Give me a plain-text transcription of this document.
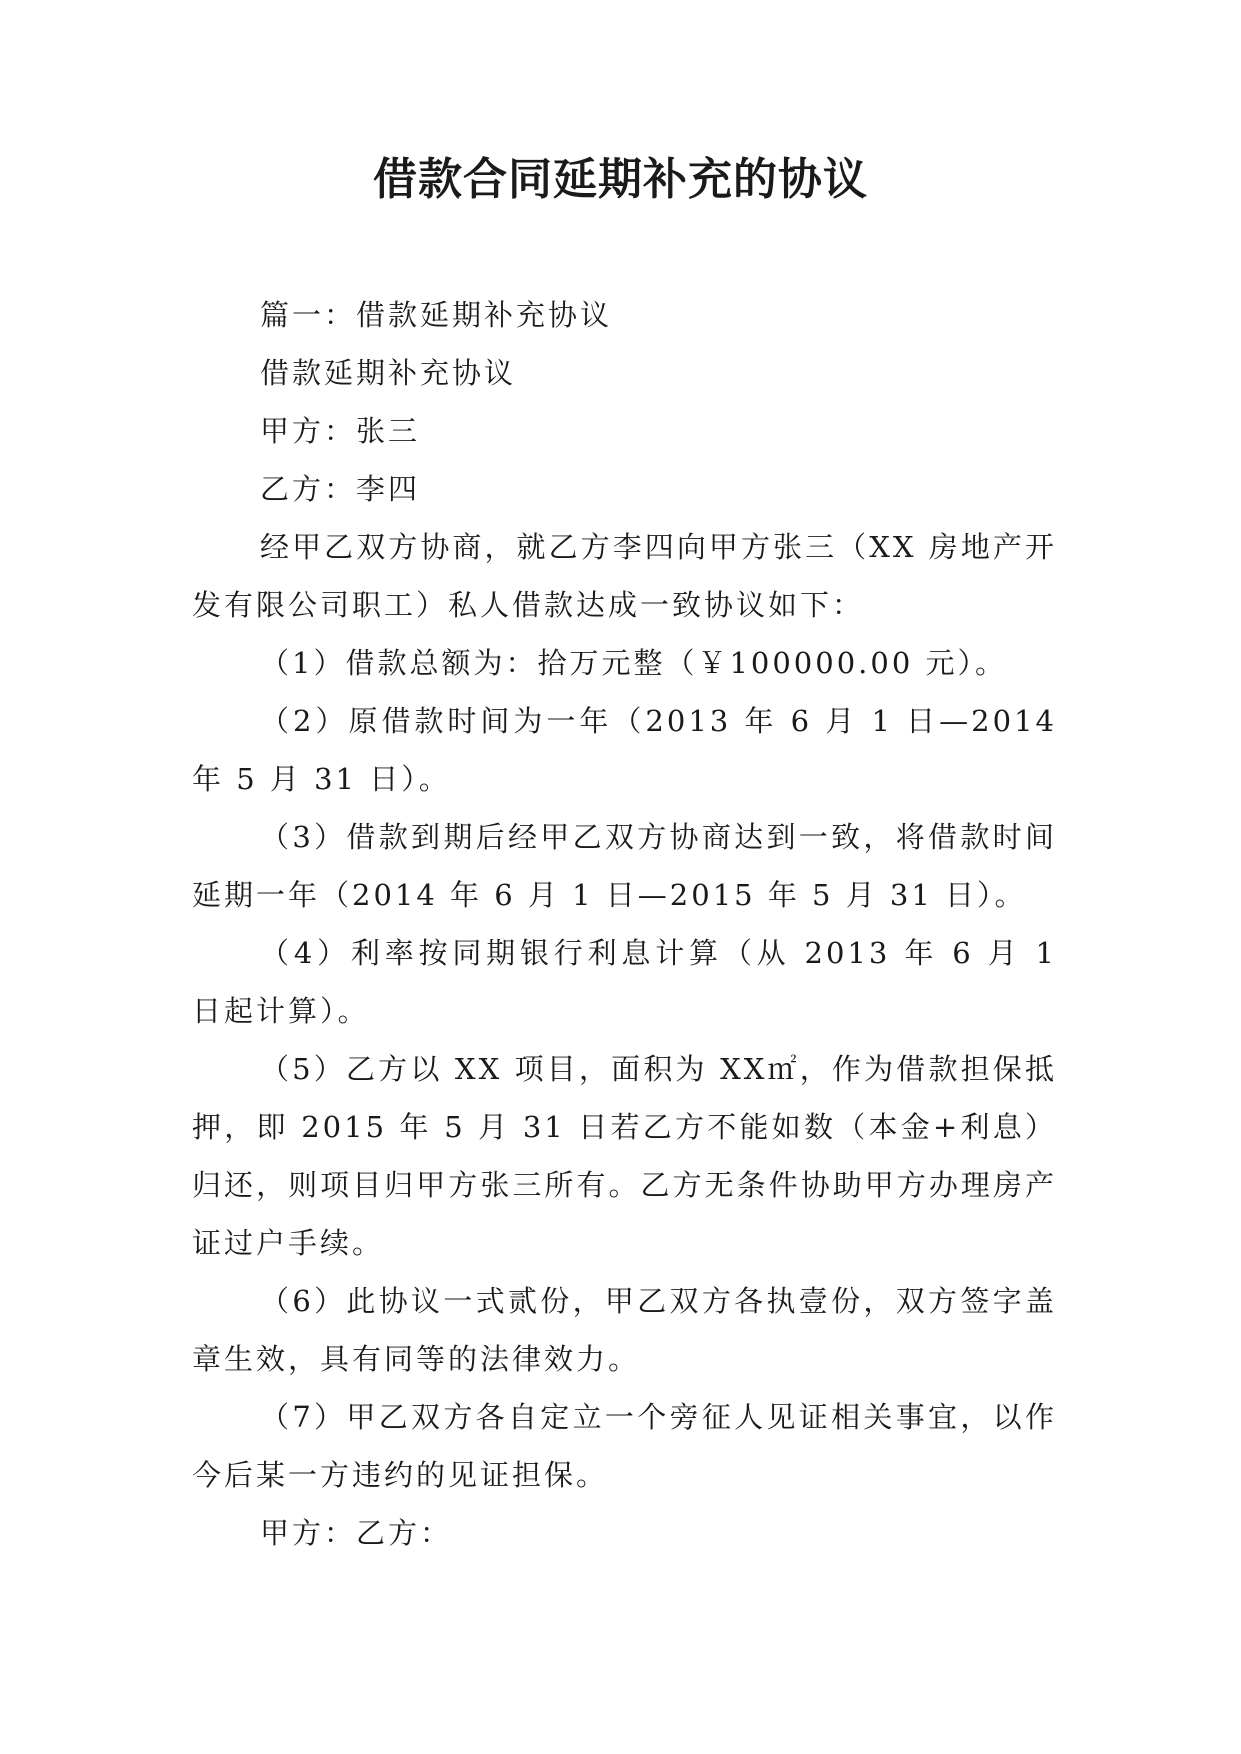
借款合同延期补充的协议

篇一：借款延期补充协议

借款延期补充协议

甲方：张三

乙方：李四

经甲乙双方协商，就乙方李四向甲方张三（XX 房地产开发有限公司职工）私人借款达成一致协议如下：

（1）借款总额为：拾万元整（￥100000.00 元）。

（2）原借款时间为一年（2013 年 6 月 1 日—2014 年 5 月 31 日）。

（3）借款到期后经甲乙双方协商达到一致，将借款时间延期一年（2014 年 6 月 1 日—2015 年 5 月 31 日）。

（4）利率按同期银行利息计算（从 2013 年 6 月 1 日起计算）。

（5）乙方以 XX 项目，面积为 XX㎡，作为借款担保抵押，即 2015 年 5 月 31 日若乙方不能如数（本金+利息）归还，则项目归甲方张三所有。乙方无条件协助甲方办理房产证过户手续。

（6）此协议一式贰份，甲乙双方各执壹份，双方签字盖章生效，具有同等的法律效力。

（7）甲乙双方各自定立一个旁征人见证相关事宜，以作今后某一方违约的见证担保。

甲方：乙方：
